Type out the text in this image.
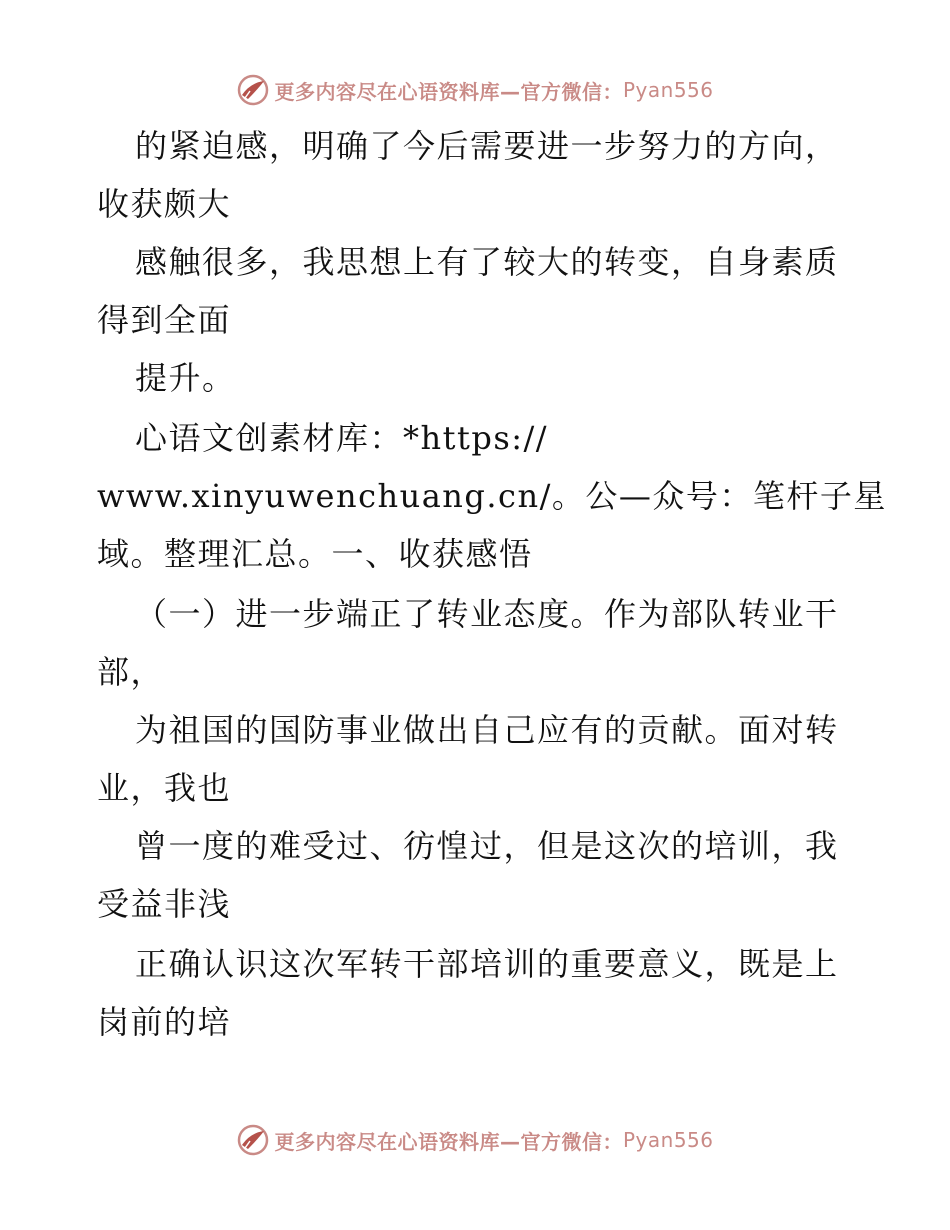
更多内容尽在心语资料库—官方微信： Pyan556
的紧迫感，明确了今后需要进一步努力的方向，
收获颇大
感触很多，我思想上有了较大的转变，自身素质
得到全面
提升。
心语文创素材库：*https://
www.xinyuwenchuang.cn/。公—众号：笔杆子星
域。整理汇总。一、收获感悟
（一）进一步端正了转业态度。作为部队转业干
部，
为祖国的国防事业做出自己应有的贡献。面对转
业，我也
曾一度的难受过、彷惶过，但是这次的培训，我
受益非浅
正确认识这次军转干部培训的重要意义，既是上
岗前的培
更多内容尽在心语资料库—官方微信： Pyan556
